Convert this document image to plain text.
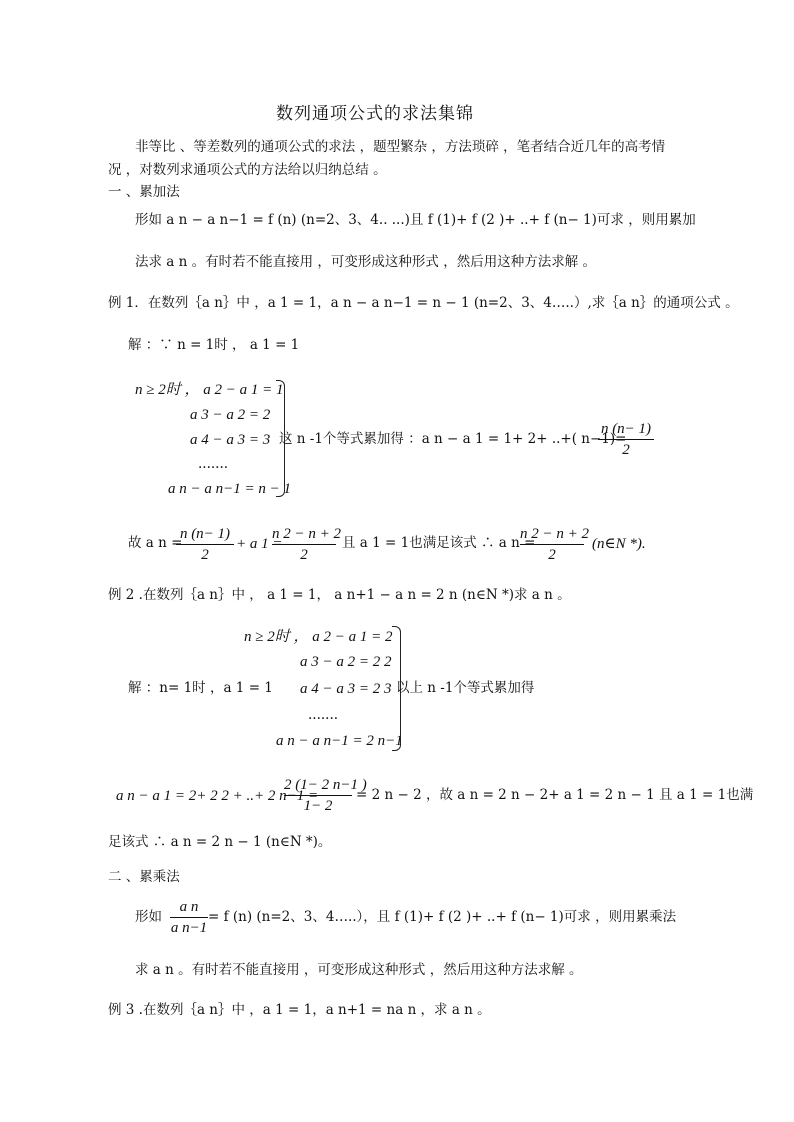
数列通项公式的求法集锦
非等比 、等差数列的通项公式的求法 ，题型繁杂 ，方法琐碎 ，笔者结合近几年的高考情
况 ，对数列求通项公式的方法给以归纳总结 。
一 、累加法
形如 a n − a n−1 = f (n) (n=2、3、4.. ...)且 f (1)+ f (2 )+ ..+ f (n− 1)可求 ，则用累加
法求 a n 。有时若不能直接用 ，可变形成这种形式 ，然后用这种方法求解 。
例 1．在数列｛a n｝中 ，a 1 = 1，a n − a n−1 = n − 1 (n=2、3、4…..）,求｛a n｝的通项公式 。
解 ：∵ n = 1时 ， a 1 = 1
n ≥ 2时 ， a 2 − a 1 = 1
a 3 − a 2 = 2
a 4 − a 3 = 3
.......
a n − a n−1 = n − 1
这 n -1个等式累加得 ：a n − a 1 = 1+ 2+ ..+( n−1)=
n (n− 1)
2
故 a n =
n (n− 1)
2
+ a 1 =
n 2 − n + 2
2
且 a 1 = 1也满足该式 ∴ a n =
n 2 − n + 2
2
(n∈N *).
例 2 .在数列｛a n｝中 ， a 1 = 1， a n+1 − a n = 2 n (n∈N *)求 a n 。
n ≥ 2时 ， a 2 − a 1 = 2
a 3 − a 2 = 2 2
解 ：n= 1时 ，a 1 = 1 a 4 − a 3 = 2 3
.......
a n − a n−1 = 2 n−1
以上 n -1个等式累加得
a n − a 1 = 2+ 2 2 + ..+ 2 n−1 =
2 (1− 2 n−1 )
1− 2
= 2 n − 2 ，故 a n = 2 n − 2+ a 1 = 2 n − 1 且 a 1 = 1也满
足该式 ∴ a n = 2 n − 1 (n∈N *)。
二 、累乘法
形如
a n
a n−1
= f (n) (n=2、3、4…..），且 f (1)+ f (2 )+ ..+ f (n− 1)可求 ，则用累乘法
求 a n 。有时若不能直接用 ，可变形成这种形式 ，然后用这种方法求解 。
例 3 .在数列｛a n｝中 ，a 1 = 1，a n+1 = na n ，求 a n 。
